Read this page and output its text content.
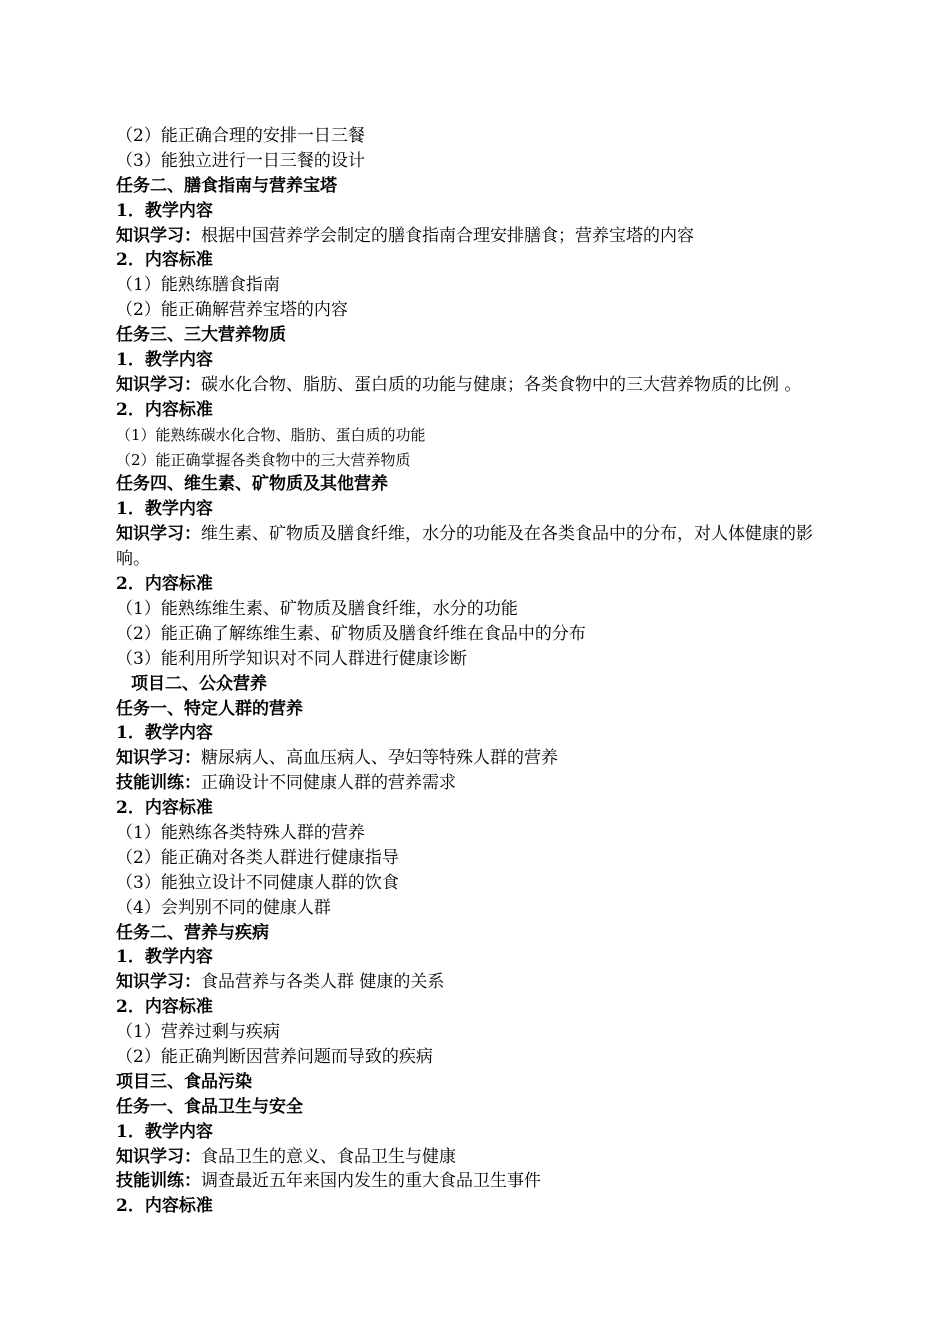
（2）能正确合理的安排一日三餐
（3）能独立进行一日三餐的设计
任务二、膳食指南与营养宝塔
1．教学内容
知识学习：根据中国营养学会制定的膳食指南合理安排膳食；营养宝塔的内容
2．内容标准
（1）能熟练膳食指南
（2）能正确解营养宝塔的内容
任务三、三大营养物质
1．教学内容
知识学习：碳水化合物、脂肪、蛋白质的功能与健康；各类食物中的三大营养物质的比例 。
2．内容标准
（1）能熟练碳水化合物、脂肪、蛋白质的功能
（2）能正确掌握各类食物中的三大营养物质
任务四、维生素、矿物质及其他营养
1．教学内容
知识学习：维生素、矿物质及膳食纤维，水分的功能及在各类食品中的分布，对人体健康的影响。
2．内容标准
（1）能熟练维生素、矿物质及膳食纤维，水分的功能
（2）能正确了解练维生素、矿物质及膳食纤维在食品中的分布
（3）能利用所学知识对不同人群进行健康诊断
项目二、公众营养
任务一、特定人群的营养
1．教学内容
知识学习：糖尿病人、高血压病人、孕妇等特殊人群的营养
技能训练：正确设计不同健康人群的营养需求
2．内容标准
（1）能熟练各类特殊人群的营养
（2）能正确对各类人群进行健康指导
（3）能独立设计不同健康人群的饮食
（4）会判别不同的健康人群
任务二、营养与疾病
1．教学内容
知识学习：食品营养与各类人群 健康的关系
2．内容标准
（1）营养过剩与疾病
（2）能正确判断因营养问题而导致的疾病
项目三、食品污染
任务一、食品卫生与安全
1．教学内容
知识学习：食品卫生的意义、食品卫生与健康
技能训练：调查最近五年来国内发生的重大食品卫生事件
2．内容标准
